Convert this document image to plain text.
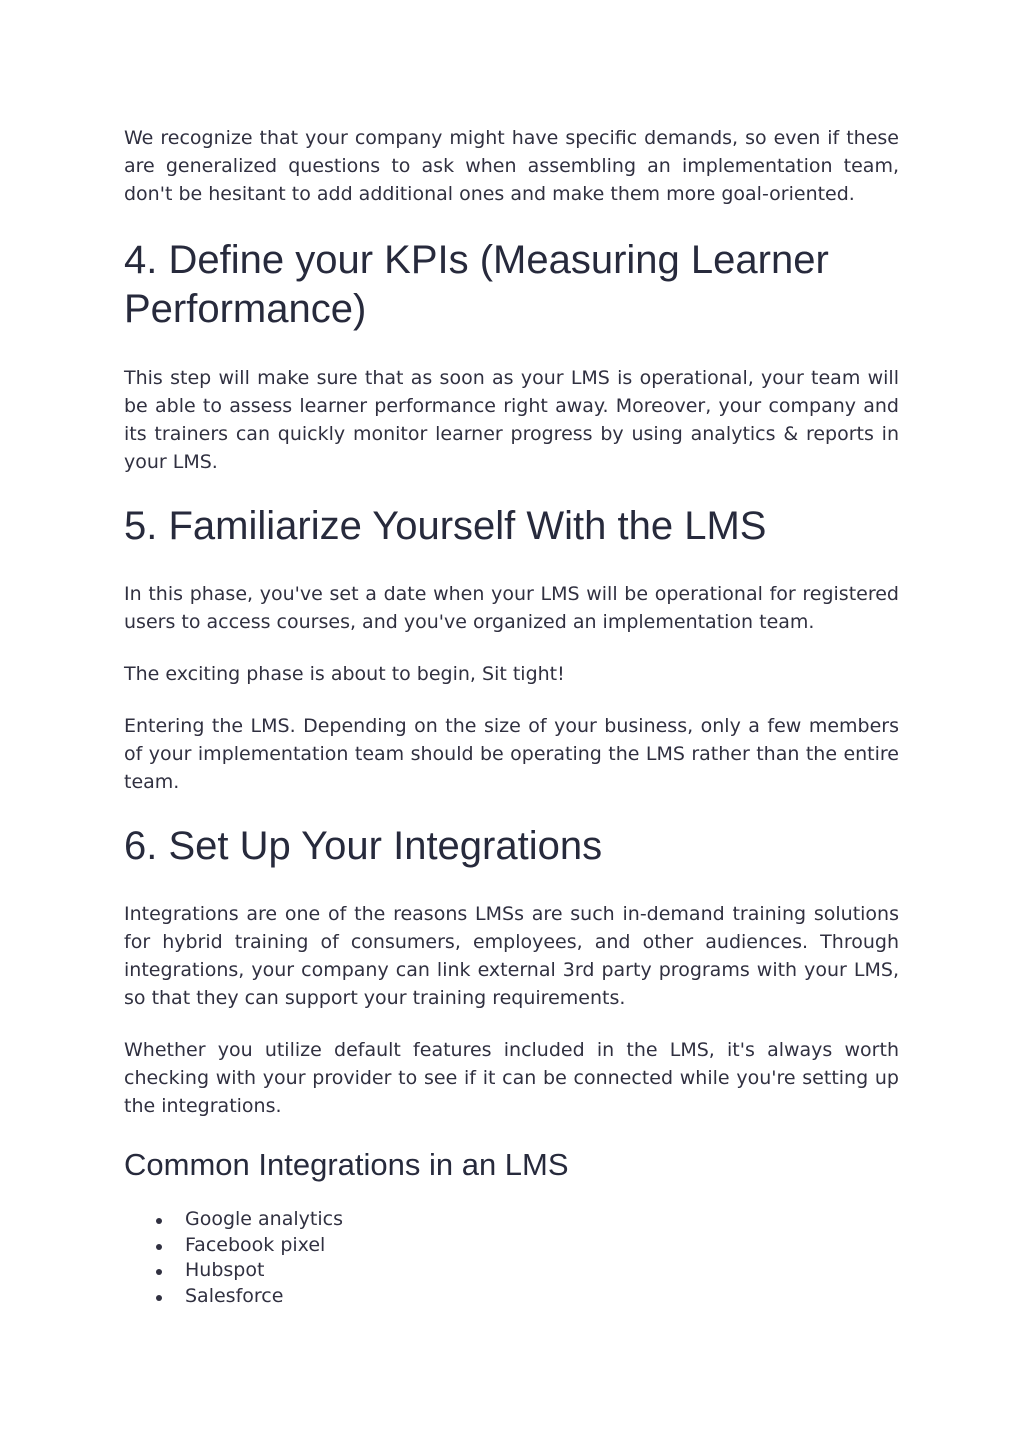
We recognize that your company might have specific demands, so even if these are generalized questions to ask when assembling an implementation team, don't be hesitant to add additional ones and make them more goal-oriented.

4. Define your KPIs (Measuring Learner Performance)

This step will make sure that as soon as your LMS is operational, your team will be able to assess learner performance right away. Moreover, your company and its trainers can quickly monitor learner progress by using analytics & reports in your LMS.

5. Familiarize Yourself With the LMS

In this phase, you've set a date when your LMS will be operational for registered users to access courses, and you've organized an implementation team.

The exciting phase is about to begin, Sit tight!

Entering the LMS. Depending on the size of your business, only a few members of your implementation team should be operating the LMS rather than the entire team.

6. Set Up Your Integrations

Integrations are one of the reasons LMSs are such in-demand training solutions for hybrid training of consumers, employees, and other audiences. Through integrations, your company can link external 3rd party programs with your LMS, so that they can support your training requirements.

Whether you utilize default features included in the LMS, it's always worth checking with your provider to see if it can be connected while you're setting up the integrations.

Common Integrations in an LMS
Google analytics
Facebook pixel
Hubspot
Salesforce
